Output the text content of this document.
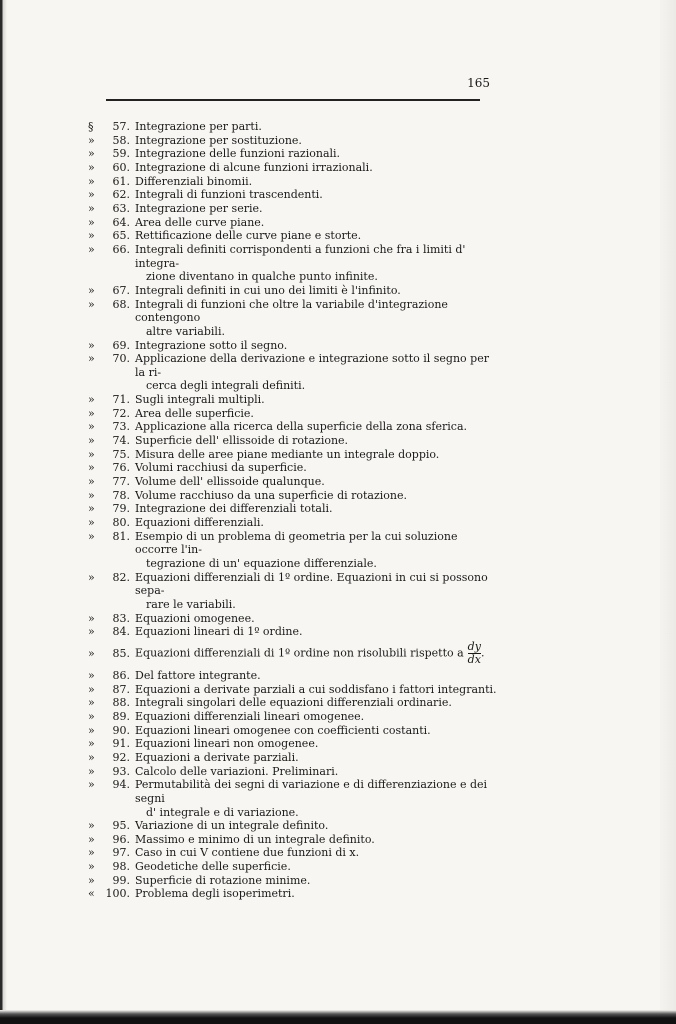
165
§	57. Integrazione per parti.
»	58. Integrazione per sostituzione.
»	59. Integrazione delle funzioni razionali.
»	60. Integrazione di alcune funzioni irrazionali.
»	61. Differenziali binomii.
»	62. Integrali di funzioni trascendenti.
»	63. Integrazione per serie.
»	64. Area delle curve piane.
»	65. Rettificazione delle curve piane e storte.
»	66. Integrali definiti corrispondenti a funzioni che fra i limiti d' integra-
zione diventano in qualche punto infinite.
»	67. Integrali definiti in cui uno dei limiti è l'infinito.
»	68. Integrali di funzioni che oltre la variabile d'integrazione contengono
altre variabili.
»	69. Integrazione sotto il segno.
»	70. Applicazione della derivazione e integrazione sotto il segno per la ri-
cerca degli integrali definiti.
»	71. Sugli integrali multipli.
»	72. Area delle superficie.
»	73. Applicazione alla ricerca della superficie della zona sferica.
»	74. Superficie dell' ellissoide di rotazione.
»	75. Misura delle aree piane mediante un integrale doppio.
»	76. Volumi racchiusi da superficie.
»	77. Volume dell' ellissoide qualunque.
»	78. Volume racchiuso da una superficie di rotazione.
»	79. Integrazione dei differenziali totali.
»	80. Equazioni differenziali.
»	81. Esempio di un problema di geometria per la cui soluzione occorre l'in-
tegrazione di un' equazione differenziale.
»	82. Equazioni differenziali di 1º ordine. Equazioni in cui si possono sepa-
rare le variabili.
»	83. Equazioni omogenee.
»	84. Equazioni lineari di 1º ordine.
»	85. Equazioni differenziali di 1º ordine non risolubili rispetto a $\frac{dy}{dx}$ .
»	86. Del fattore integrante.
»	87. Equazioni a derivate parziali a cui soddisfano i fattori integranti.
»	88. Integrali singolari delle equazioni differenziali ordinarie.
»	89. Equazioni differenziali lineari omogenee.
»	90. Equazioni lineari omogenee con coefficienti costanti.
»	91. Equazioni lineari non omogenee.
»	92. Equazioni a derivate parziali.
»	93. Calcolo delle variazioni. Preliminari.
»	94. Permutabilità dei segni di variazione e di differenziazione e dei segni
d' integrale e di variazione.
»	95. Variazione di un integrale definito.
»	96. Massimo e minimo di un integrale definito.
»	97. Caso in cui V contiene due funzioni di x.
»	98. Geodetiche delle superficie.
»	99. Superficie di rotazione minime.
« 100. Problema degli isoperimetri.
